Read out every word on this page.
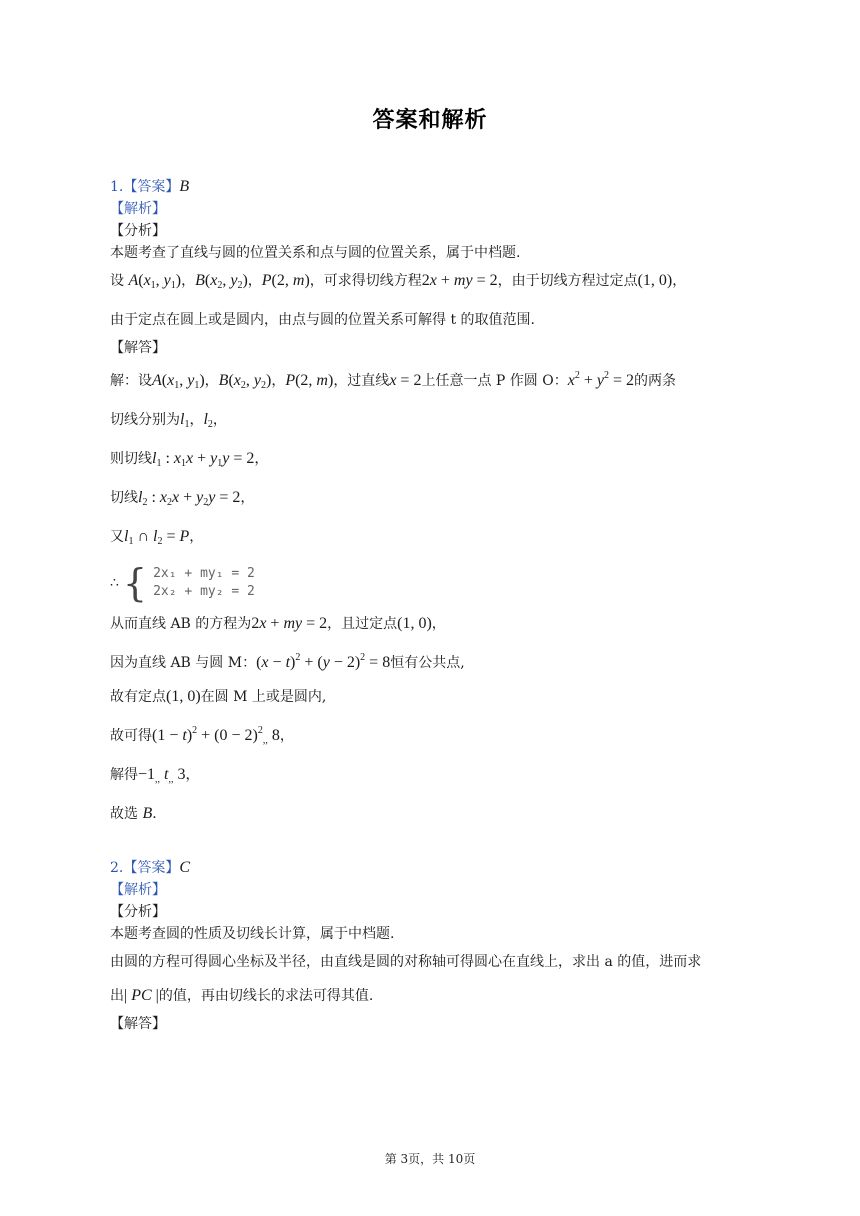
答案和解析
1.【答案】B
【解析】
【分析】
本题考查了直线与圆的位置关系和点与圆的位置关系，属于中档题.
设 $A(x_1$, $y_1$)，$B(x_2$, $y_2$)，P(2, m)，可求得切线方程2x + my = 2，由于切线方程过定点(1, 0)，
由于定点在圆上或是圆内，由点与圆的位置关系可解得 t 的取值范围.
【解答】
解：设$A(x_1$, $y_1$)，$B(x_2$, $y_2$)，P(2, m)，过直线x = 2上任意一点 P 作圆 O：$x^2 + y^2 = 2$的两条
切线分别为$l_1$，$l_2$，
则切线$l_1$ : $x_1x + y_1y = 2$，
切线$l_2$ : $x_2x + y_2y = 2$，
又$l_1$ ∩ $l_2 = P$，
∴ { 2x₁ + my₁ = 2
2x₂ + my₂ = 2
从而直线 AB 的方程为2x + my = 2，且过定点(1, 0)，
因为直线 AB 与圆 M：$(x - t)^2 + (y - 2)^2 = 8$恒有公共点,
故有定点(1, 0)在圆 M 上或是圆内,
故可得$(1 - t)^2 + (0 - 2)^2_{,,}$ 8，
解得$-1_{,,}$ $t_{,,}$ 3，
故选 B.
2.【答案】C
【解析】
【分析】
本题考查圆的性质及切线长计算，属于中档题.
由圆的方程可得圆心坐标及半径，由直线是圆的对称轴可得圆心在直线上，求出 a 的值，进而求
出| PC |的值，再由切线长的求法可得其值.
【解答】
第 3页，共 10页
